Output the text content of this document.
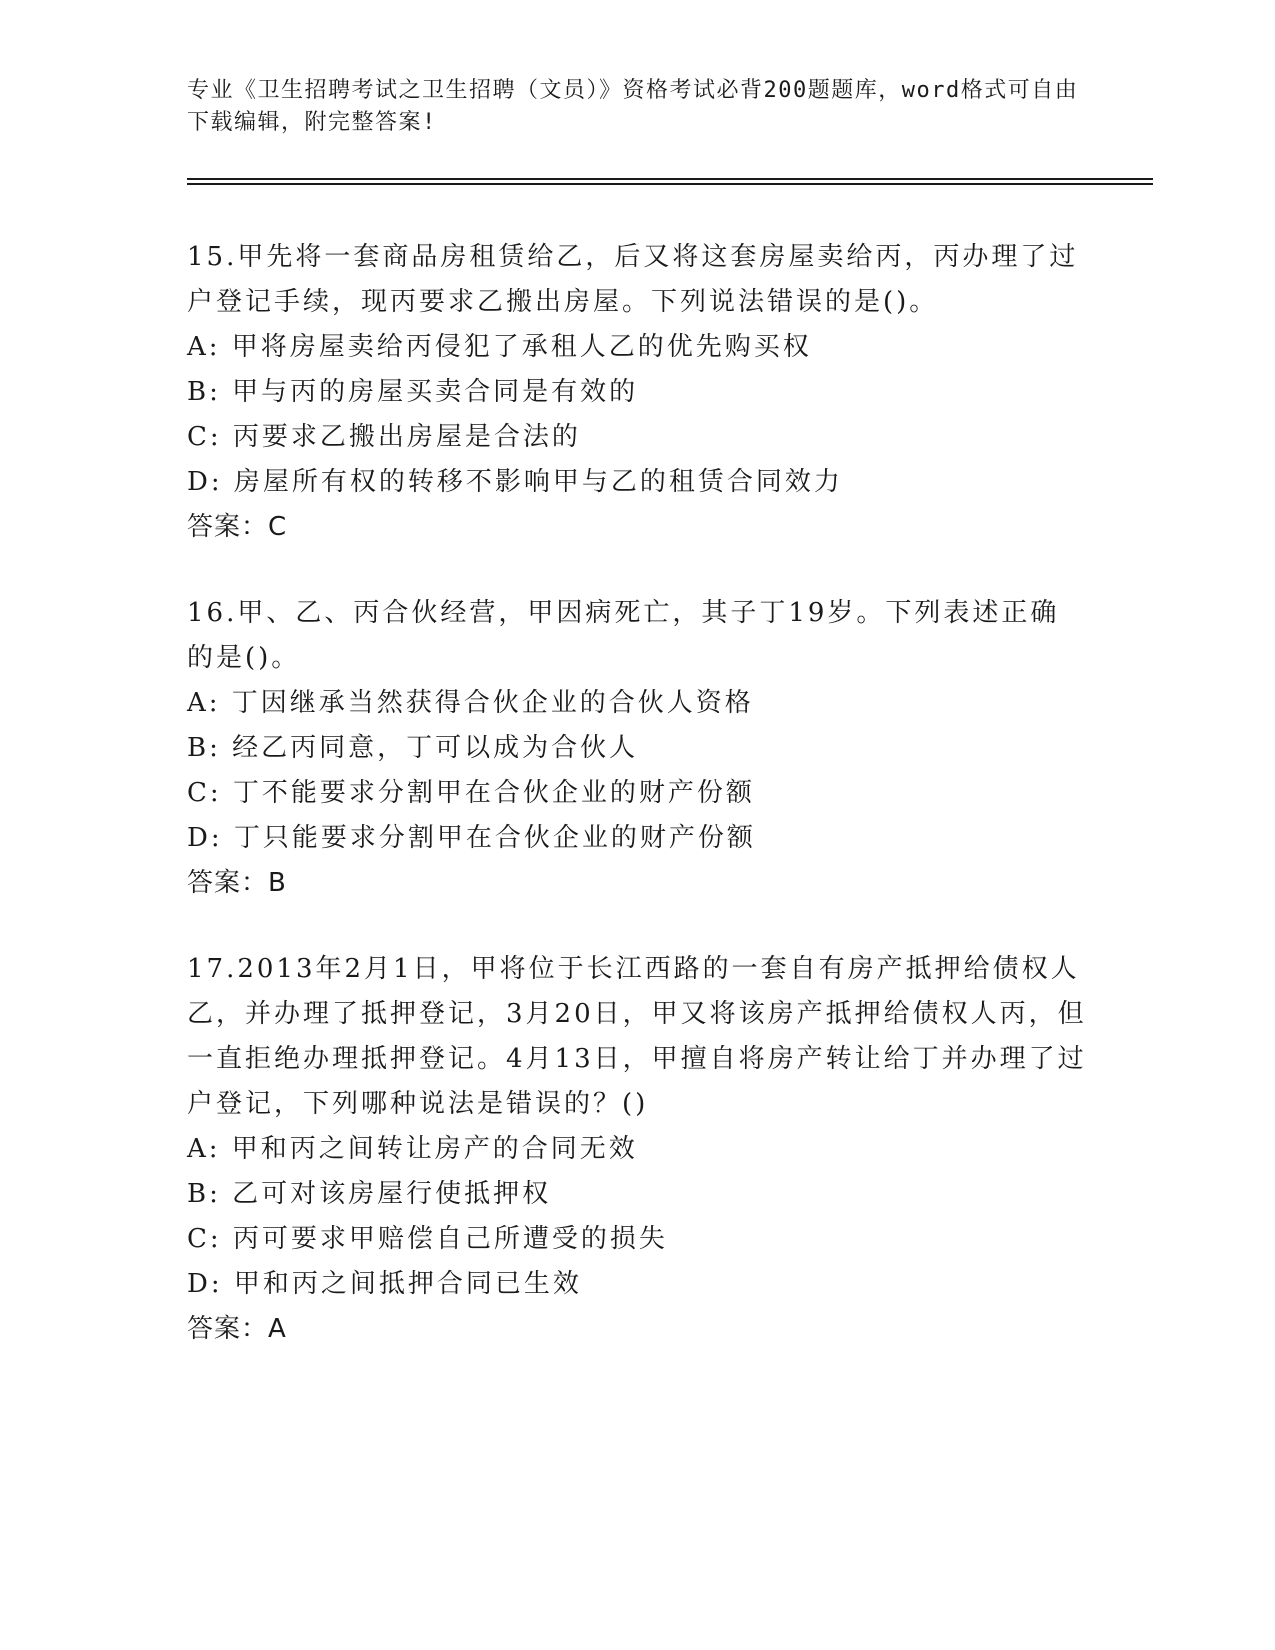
专业《卫生招聘考试之卫生招聘（文员）》资格考试必背200题题库，word格式可自由下载编辑，附完整答案!
15.甲先将一套商品房租赁给乙，后又将这套房屋卖给丙，丙办理了过户登记手续，现丙要求乙搬出房屋。下列说法错误的是()。
A: 甲将房屋卖给丙侵犯了承租人乙的优先购买权
B: 甲与丙的房屋买卖合同是有效的
C: 丙要求乙搬出房屋是合法的
D: 房屋所有权的转移不影响甲与乙的租赁合同效力
答案：C
16.甲、乙、丙合伙经营，甲因病死亡，其子丁19岁。下列表述正确的是()。
A: 丁因继承当然获得合伙企业的合伙人资格
B: 经乙丙同意，丁可以成为合伙人
C: 丁不能要求分割甲在合伙企业的财产份额
D: 丁只能要求分割甲在合伙企业的财产份额
答案：B
17.2013年2月1日，甲将位于长江西路的一套自有房产抵押给债权人乙，并办理了抵押登记，3月20日，甲又将该房产抵押给债权人丙，但一直拒绝办理抵押登记。4月13日，甲擅自将房产转让给丁并办理了过户登记，下列哪种说法是错误的？()
A: 甲和丙之间转让房产的合同无效
B: 乙可对该房屋行使抵押权
C: 丙可要求甲赔偿自己所遭受的损失
D: 甲和丙之间抵押合同已生效
答案：A
